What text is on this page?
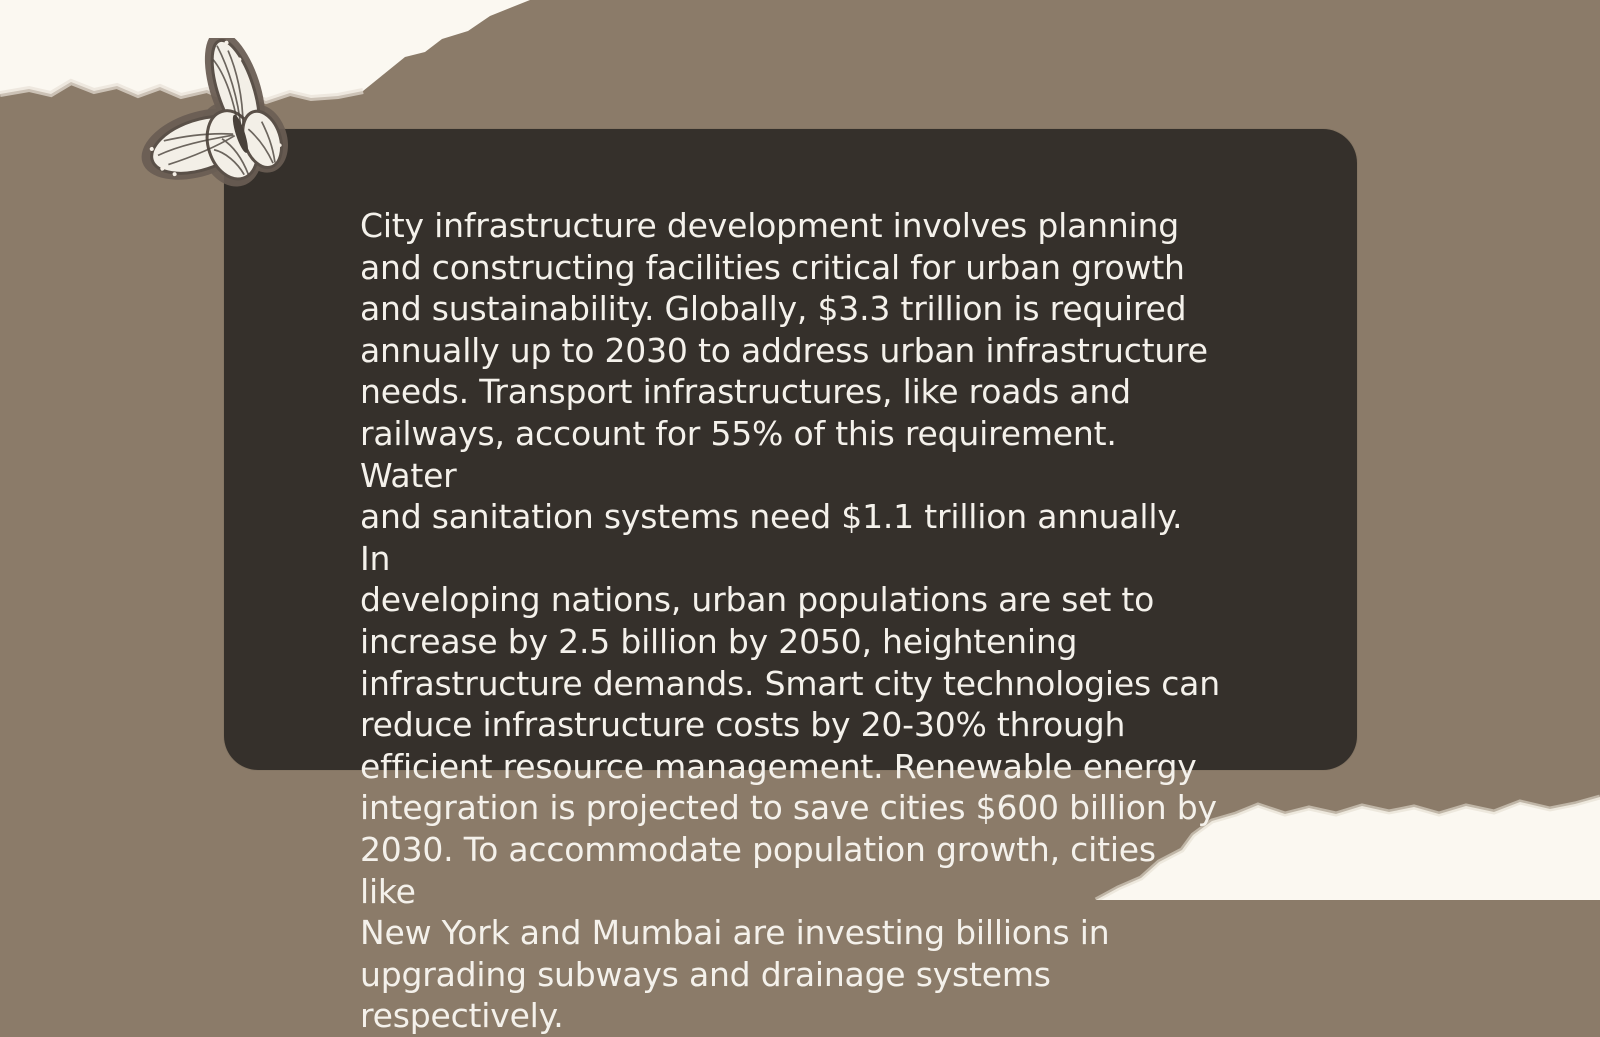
City infrastructure development involves planning
and constructing facilities critical for urban growth
and sustainability. Globally, $3.3 trillion is required
annually up to 2030 to address urban infrastructure
needs. Transport infrastructures, like roads and
railways, account for 55% of this requirement. Water
and sanitation systems need $1.1 trillion annually. In
developing nations, urban populations are set to
increase by 2.5 billion by 2050, heightening
infrastructure demands. Smart city technologies can
reduce infrastructure costs by 20-30% through
efficient resource management. Renewable energy
integration is projected to save cities $600 billion by
2030. To accommodate population growth, cities like
New York and Mumbai are investing billions in
upgrading subways and drainage systems
respectively.
